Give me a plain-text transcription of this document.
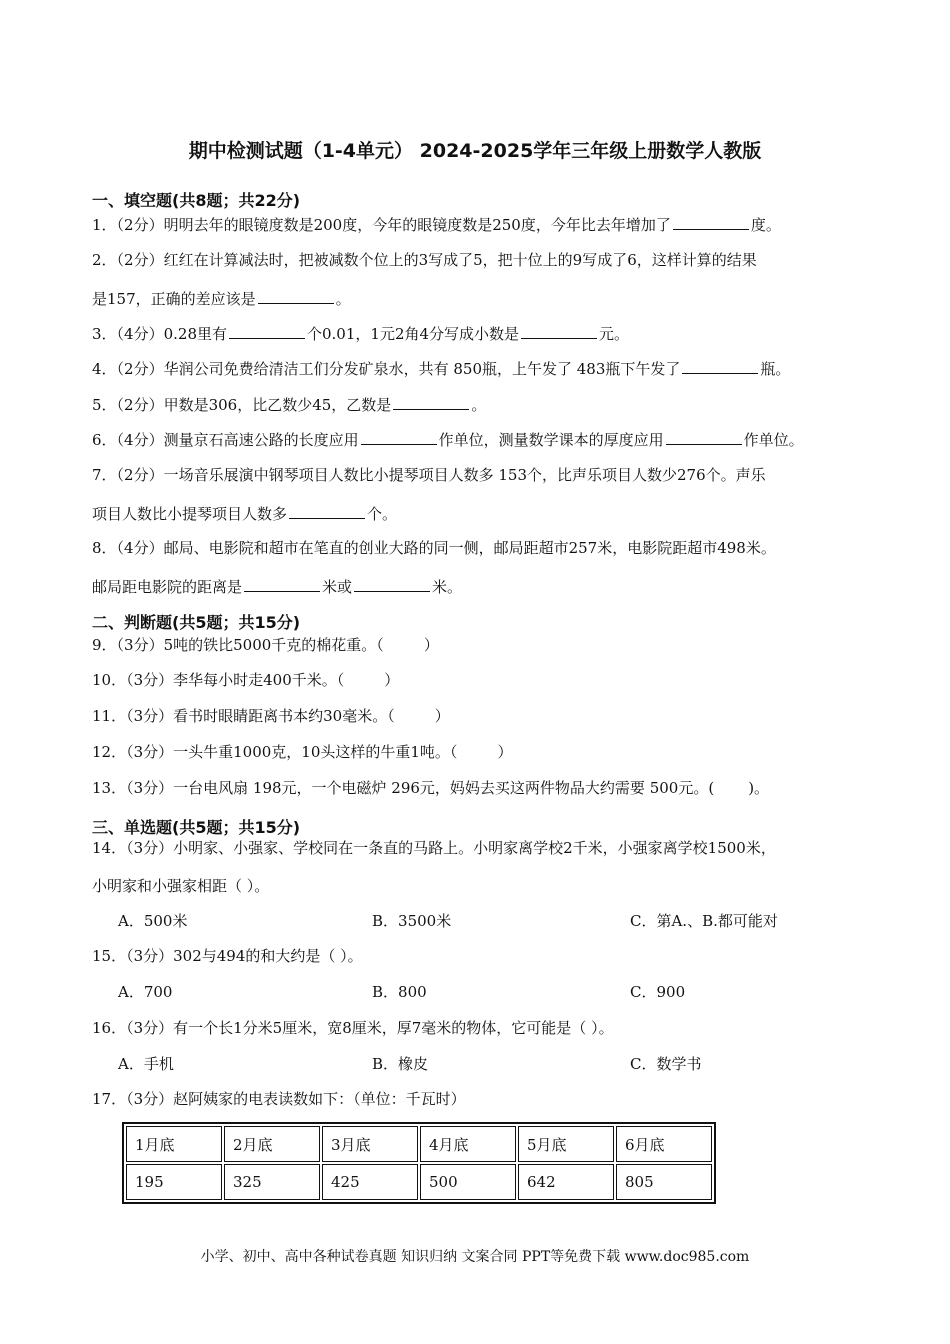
期中检测试题（1-4单元） 2024-2025学年三年级上册数学人教版
一、填空题(共8题；共22分)
1．（2分）明明去年的眼镜度数是200度，今年的眼镜度数是250度，今年比去年增加了	度。
2．（2分）红红在计算减法时，把被减数个位上的3写成了5，把十位上的9写成了6，这样计算的结果
是157，正确的差应该是	。
3．（4分）0.28里有	个0.01，1元2角4分写成小数是	元。
4．（2分）华润公司免费给清洁工们分发矿泉水，共有 850瓶，上午发了 483瓶下午发了	瓶。
5．（2分）甲数是306，比乙数少45，乙数是	。
6．（4分）测量京石高速公路的长度应用	作单位，测量数学课本的厚度应用	作单位。
7．（2分）一场音乐展演中钢琴项目人数比小提琴项目人数多 153个，比声乐项目人数少276个。声乐
项目人数比小提琴项目人数多	个。
8．（4分）邮局、电影院和超市在笔直的创业大路的同一侧，邮局距超市257米，电影院距超市498米。
邮局距电影院的距离是	米或	米。
二、判断题(共5题；共15分)
9．（3分）5吨的铁比5000千克的棉花重。（	）
10．（3分）李华每小时走400千米。（	）
11．（3分）看书时眼睛距离书本约30毫米。（	）
12．（3分）一头牛重1000克，10头这样的牛重1吨。（	）
13．（3分）一台电风扇 198元，一个电磁炉 296元，妈妈去买这两件物品大约需要 500元。( )。
三、单选题(共5题；共15分)
14．（3分）小明家、小强家、学校同在一条直的马路上。小明家离学校2千米，小强家离学校1500米，
小明家和小强家相距（ ）。
A．500米	B．3500米	C．第A.、B.都可能对
15．（3分）302与494的和大约是（ ）。
A．700	B．800	C．900
16．（3分）有一个长1分米5厘米，宽8厘米，厚7毫米的物体，它可能是（ ）。
A．手机	B．橡皮	C．数学书
17．（3分）赵阿姨家的电表读数如下：（单位：千瓦时）
1月底	2月底	3月底	4月底	5月底	6月底
195	325	425	500	642	805
小学、初中、高中各种试卷真题 知识归纳 文案合同 PPT等免费下载 www.doc985.com
